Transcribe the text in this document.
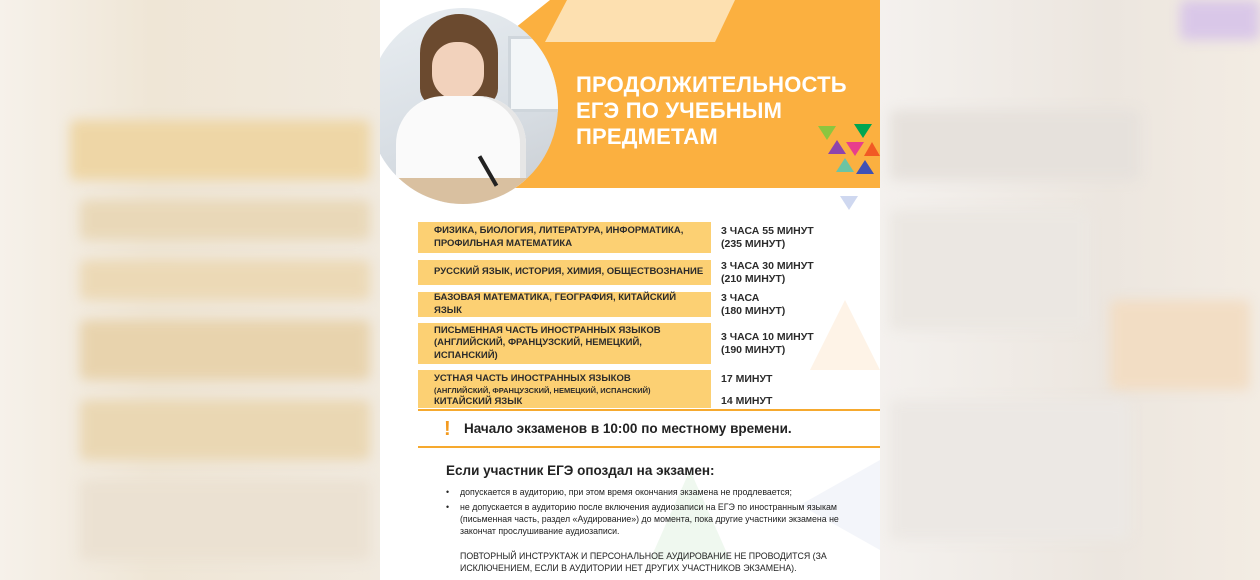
ПРОДОЛЖИТЕЛЬНОСТЬ ЕГЭ ПО УЧЕБНЫМ ПРЕДМЕТАМ
ФИЗИКА, БИОЛОГИЯ, ЛИТЕРАТУРА, ИНФОРМАТИКА, ПРОФИЛЬНАЯ МАТЕМАТИКА
3 ЧАСА 55 МИНУТ
(235 МИНУТ)
РУССКИЙ ЯЗЫК, ИСТОРИЯ, ХИМИЯ, ОБЩЕСТВОЗНАНИЕ
3 ЧАСА 30 МИНУТ
(210 МИНУТ)
БАЗОВАЯ МАТЕМАТИКА, ГЕОГРАФИЯ, КИТАЙСКИЙ ЯЗЫК
3 ЧАСА
(180 МИНУТ)
ПИСЬМЕННАЯ ЧАСТЬ ИНОСТРАННЫХ ЯЗЫКОВ (АНГЛИЙСКИЙ, ФРАНЦУЗСКИЙ, НЕМЕЦКИЙ, ИСПАНСКИЙ)
3 ЧАСА 10 МИНУТ
(190 МИНУТ)
УСТНАЯ ЧАСТЬ ИНОСТРАННЫХ ЯЗЫКОВ
(АНГЛИЙСКИЙ, ФРАНЦУЗСКИЙ, НЕМЕЦКИЙ, ИСПАНСКИЙ)
КИТАЙСКИЙ ЯЗЫК
17 МИНУТ
14 МИНУТ
! Начало экзаменов в 10:00 по местному времени.
Если участник ЕГЭ опоздал на экзамен:
• допускается в аудиторию, при этом время окончания экзамена не продлевается;
• не допускается в аудиторию после включения аудиозаписи на ЕГЭ по иностранным языкам (письменная часть, раздел «Аудирование») до момента, пока другие участники экзамена не закончат прослушивание аудиозаписи.

ПОВТОРНЫЙ ИНСТРУКТАЖ И ПЕРСОНАЛЬНОЕ АУДИРОВАНИЕ НЕ ПРОВОДИТСЯ (ЗА ИСКЛЮЧЕНИЕМ, ЕСЛИ В АУДИТОРИИ НЕТ ДРУГИХ УЧАСТНИКОВ ЭКЗАМЕНА).
